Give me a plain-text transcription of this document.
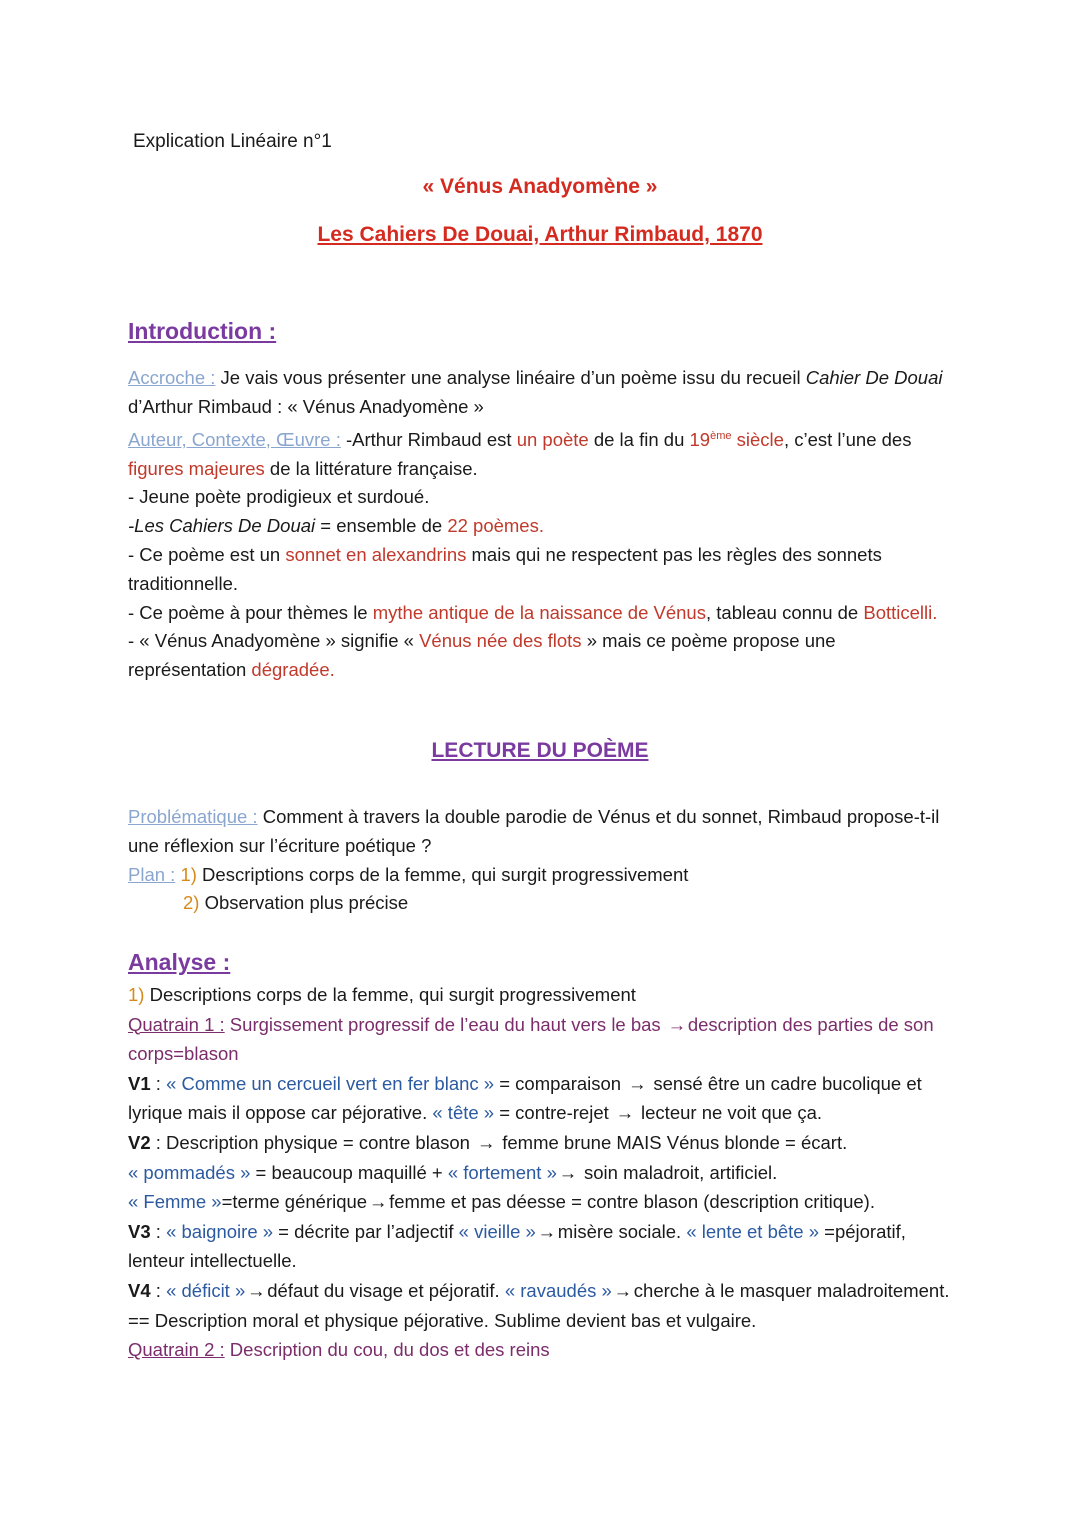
Explication Linéaire n°1
« Vénus Anadyomène »
Les Cahiers De Douai, Arthur Rimbaud, 1870
Introduction :
Accroche : Je vais vous présenter une analyse linéaire d’un poème issu du recueil Cahier De Douai d’Arthur Rimbaud : « Vénus Anadyomène »
Auteur, Contexte, Œuvre : -Arthur Rimbaud est un poète de la fin du 19ème siècle, c’est l’une des figures majeures de la littérature française.
- Jeune poète prodigieux et surdoué.
-Les Cahiers De Douai = ensemble de 22 poèmes.
- Ce poème est un sonnet en alexandrins mais qui ne respectent pas les règles des sonnets traditionnelle.
- Ce poème à pour thèmes le mythe antique de la naissance de Vénus, tableau connu de Botticelli.
- « Vénus Anadyomène » signifie « Vénus née des flots » mais ce poème propose une représentation dégradée.
LECTURE DU POÈME
Problématique : Comment à travers la double parodie de Vénus et du sonnet, Rimbaud propose-t-il une réflexion sur l’écriture poétique ?
Plan : 1) Descriptions corps de la femme, qui surgit progressivement
2) Observation plus précise
Analyse :
1) Descriptions corps de la femme, qui surgit progressivement
Quatrain 1 : Surgissement progressif de l’eau du haut vers le bas →description des parties de son corps=blason
V1 : « Comme un cercueil vert en fer blanc » = comparaison → sensé être un cadre bucolique et lyrique mais il oppose car péjorative. « tête » = contre-rejet → lecteur ne voit que ça.
V2 : Description physique = contre blason → femme brune MAIS Vénus blonde = écart.
« pommadés » = beaucoup maquillé + « fortement »→ soin maladroit, artificiel.
« Femme »=terme générique→femme et pas déesse = contre blason (description critique).
V3 : « baignoire » = décrite par l’adjectif « vieille »→misère sociale. « lente et bête » =péjoratif, lenteur intellectuelle.
V4 : « déficit »→défaut du visage et péjoratif. « ravaudés »→cherche à le masquer maladroitement. == Description moral et physique péjorative. Sublime devient bas et vulgaire.
Quatrain 2 : Description du cou, du dos et des reins
